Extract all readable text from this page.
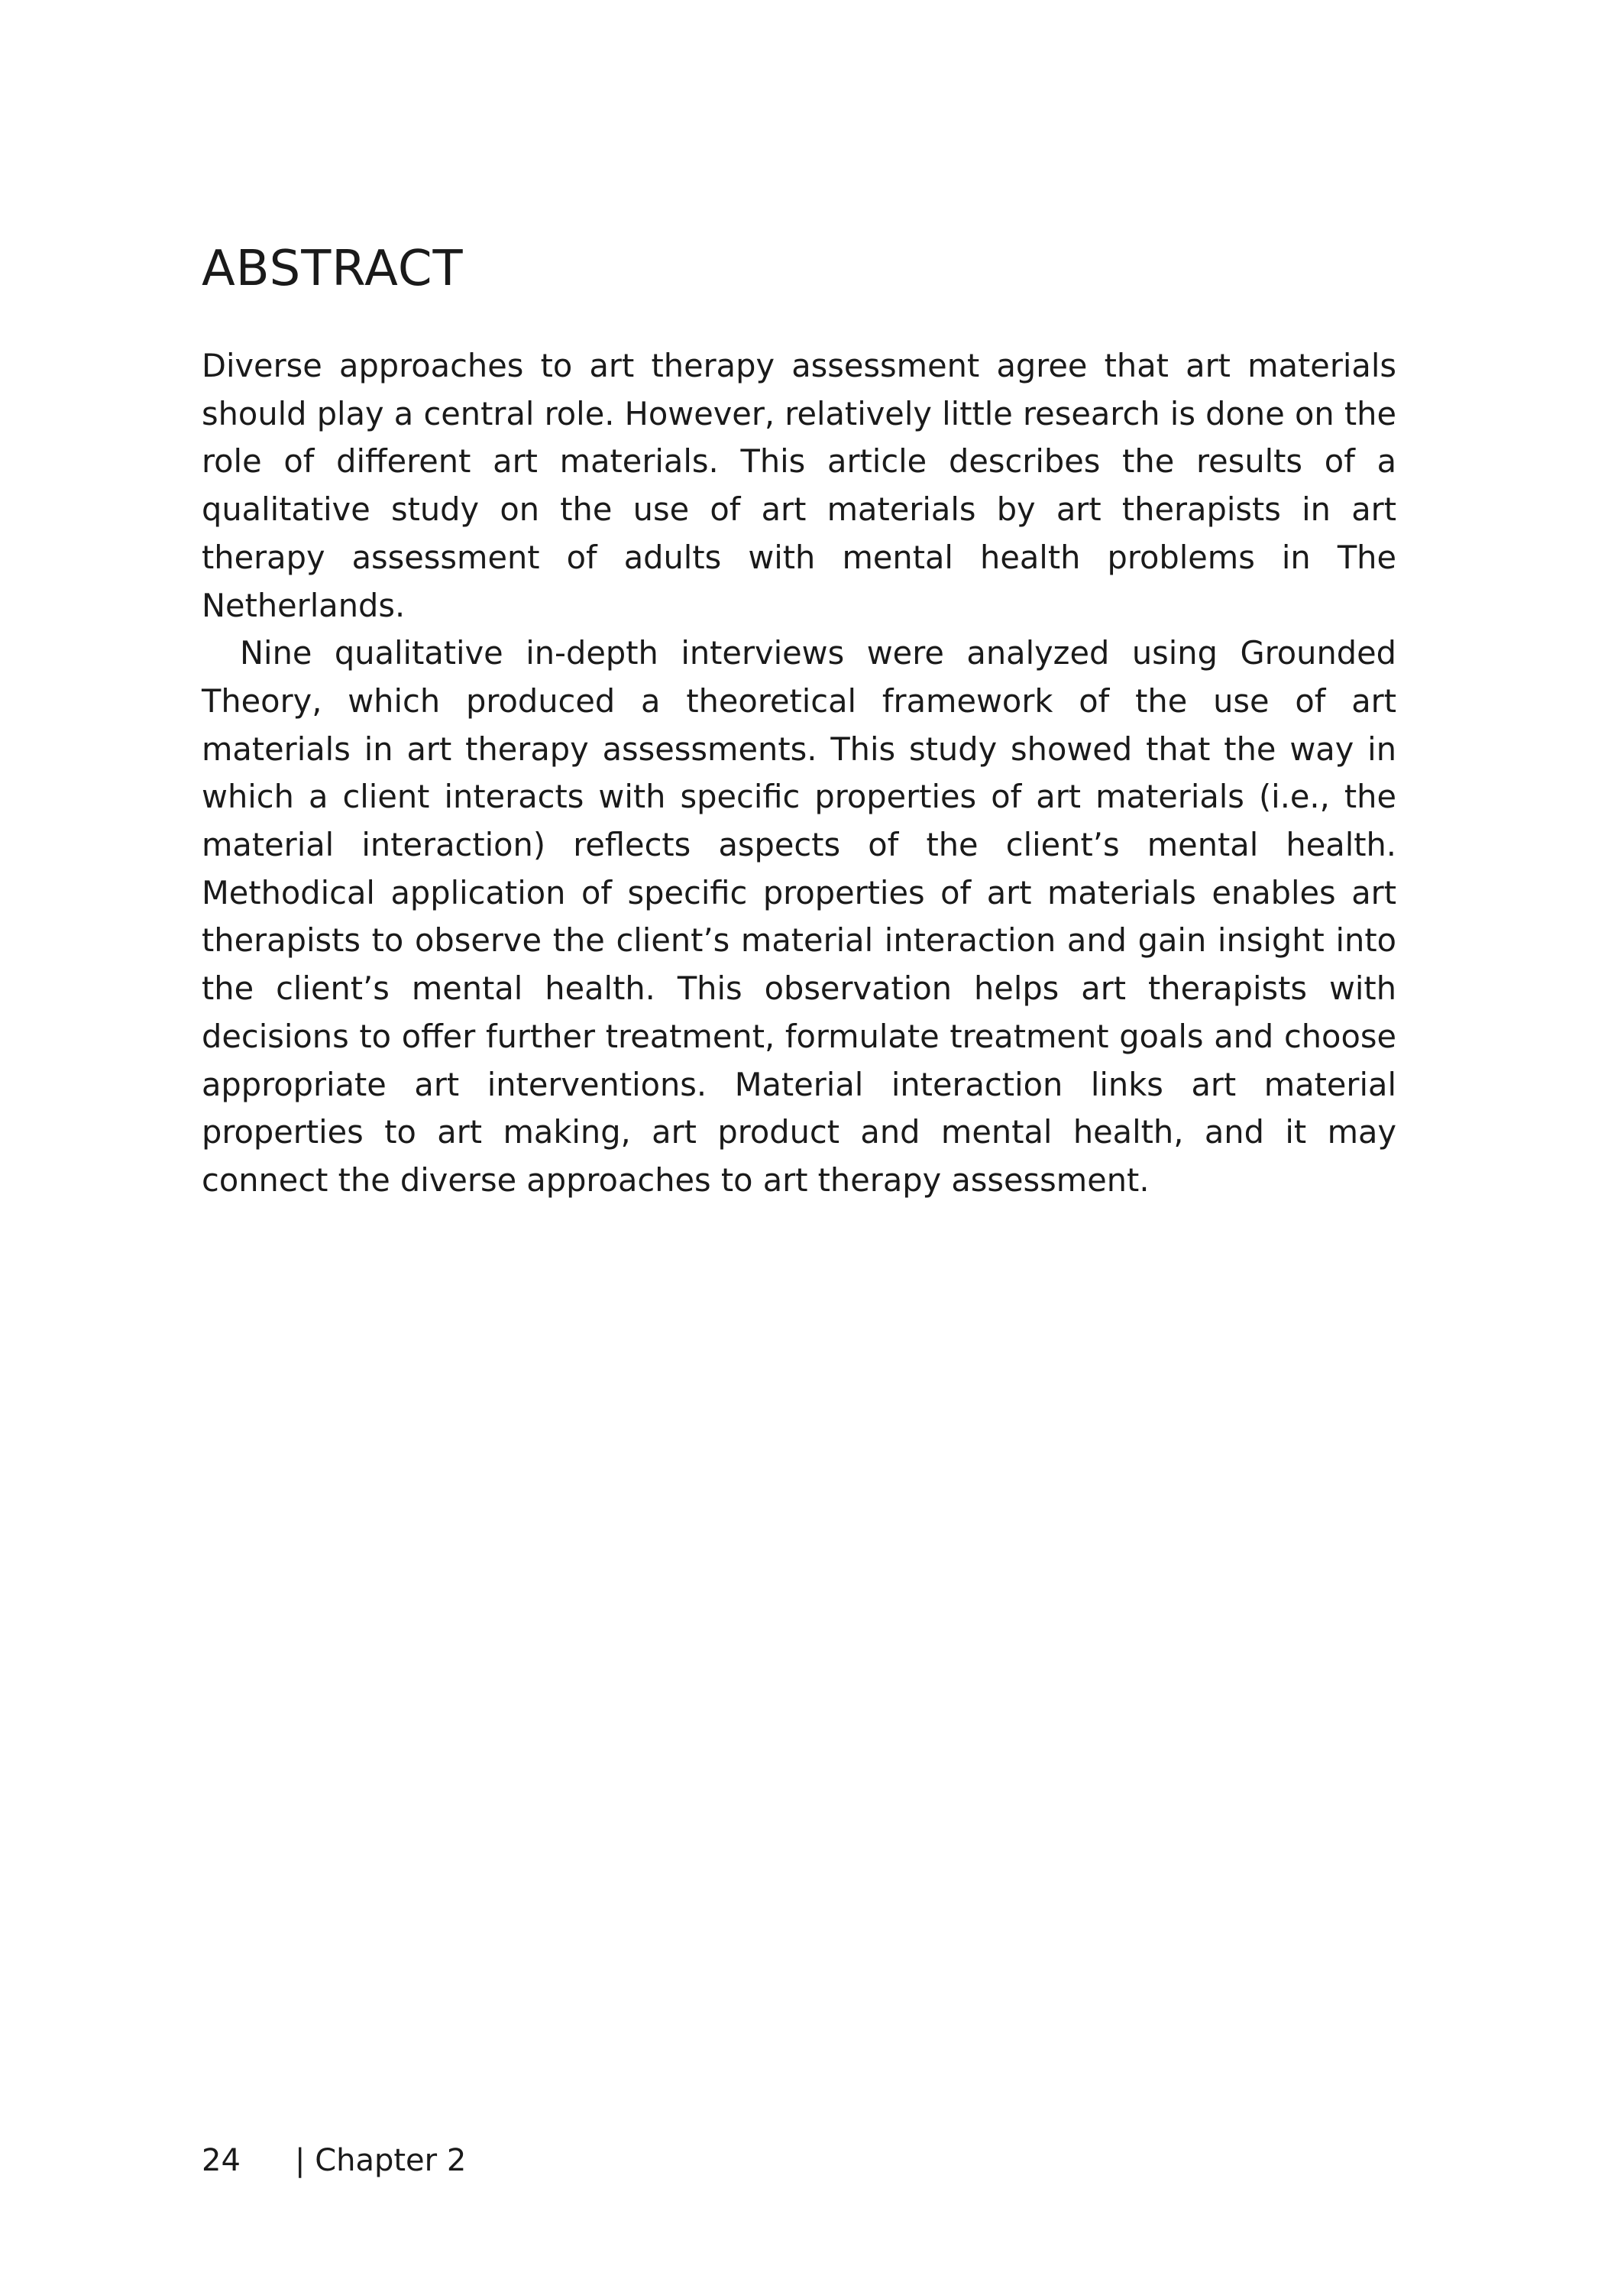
ABSTRACT

Diverse approaches to art therapy assessment agree that art materials should play a central role. However, relatively little research is done on the role of different art materials. This article describes the results of a qualitative study on the use of art materials by art therapists in art therapy assessment of adults with mental health problems in The Netherlands.

Nine qualitative in-depth interviews were analyzed using Grounded Theory, which produced a theoretical framework of the use of art materials in art therapy assessments. This study showed that the way in which a client interacts with specific properties of art materials (i.e., the material interaction) reflects aspects of the client’s mental health. Methodical application of specific properties of art materials enables art therapists to observe the client’s material interaction and gain insight into the client’s mental health. This observation helps art therapists with decisions to offer further treatment, formulate treatment goals and choose appropriate art interventions. Material interaction links art material properties to art making, art product and mental health, and it may connect the diverse approaches to art therapy assessment.

24 | Chapter 2
